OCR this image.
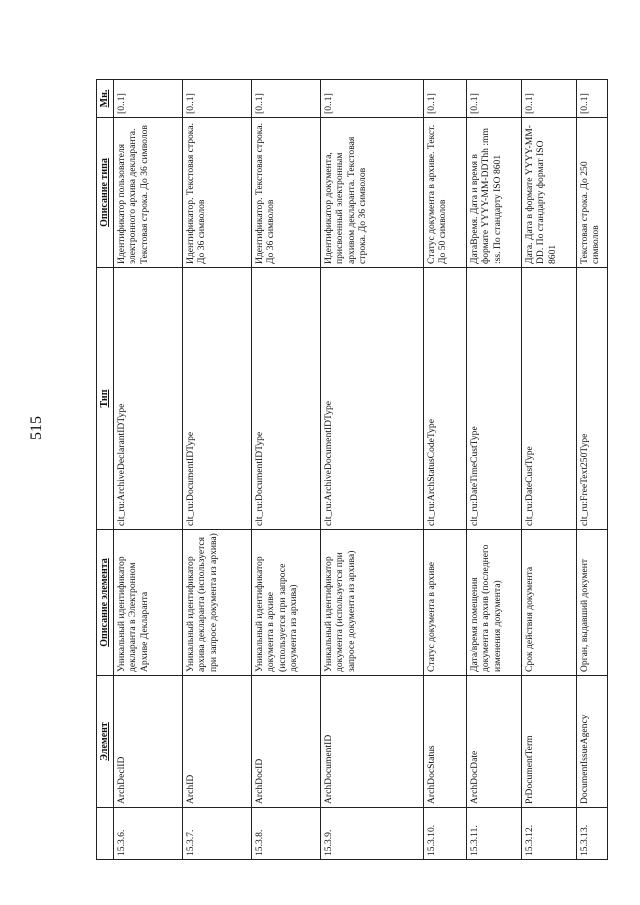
515
	Элемент	Описание элемента	Тип	Описание типа	Мн.
15.3.6.	ArchDeclID	Уникальный идентификатор декларанта в Электронном Архиве Декларанта	clt_ru:ArchiveDeclarantIDType	Идентификатор пользователя электронного архива декларанта. Текстовая строка. До 36 символов	[0..1]
15.3.7.	ArchID	Уникальный идентификатор архива декларанта (используется при запросе документа из архива)	clt_ru:DocumentIDType	Идентификатор. Текстовая строка. До 36 символов	[0..1]
15.3.8.	ArchDocID	Уникальный идентификатор документа в архиве (используется при запросе документа из архива)	clt_ru:DocumentIDType	Идентификатор. Текстовая строка. До 36 символов	[0..1]
15.3.9.	ArchDocumentID	Уникальный идентификатор документа (используется при запросе документа из архива)	clt_ru:ArchiveDocumentIDType	Идентификатор документа, присвоенный электронным архивом декларанта. Текстовая строка. До 36 символов	[0..1]
15.3.10.	ArchDocStatus	Статус документа в архиве	clt_ru:ArchStatusCodeType	Статус документа в архиве. Текст. До 50 символов	[0..1]
15.3.11.	ArchDocDate	Дата/время помещения документа в архив (последнего изменения документа)	clt_ru:DateTimeCustType	ДатаВремя. Дата и время в формате YYYY-MM-DDThh :mm :ss. По стандарту ISO 8601	[0..1]
15.3.12.	PrDocumentTerm	Срок действия документа	clt_ru:DateCustType	Дата. Дата в формате YYYY-MM-DD. По стандарту формат ISO 8601	[0..1]
15.3.13.	DocumentIssueAgency	Орган, выдавший документ	clt_ru:FreeText250Type	Текстовая строка. До 250 символов	[0..1]
